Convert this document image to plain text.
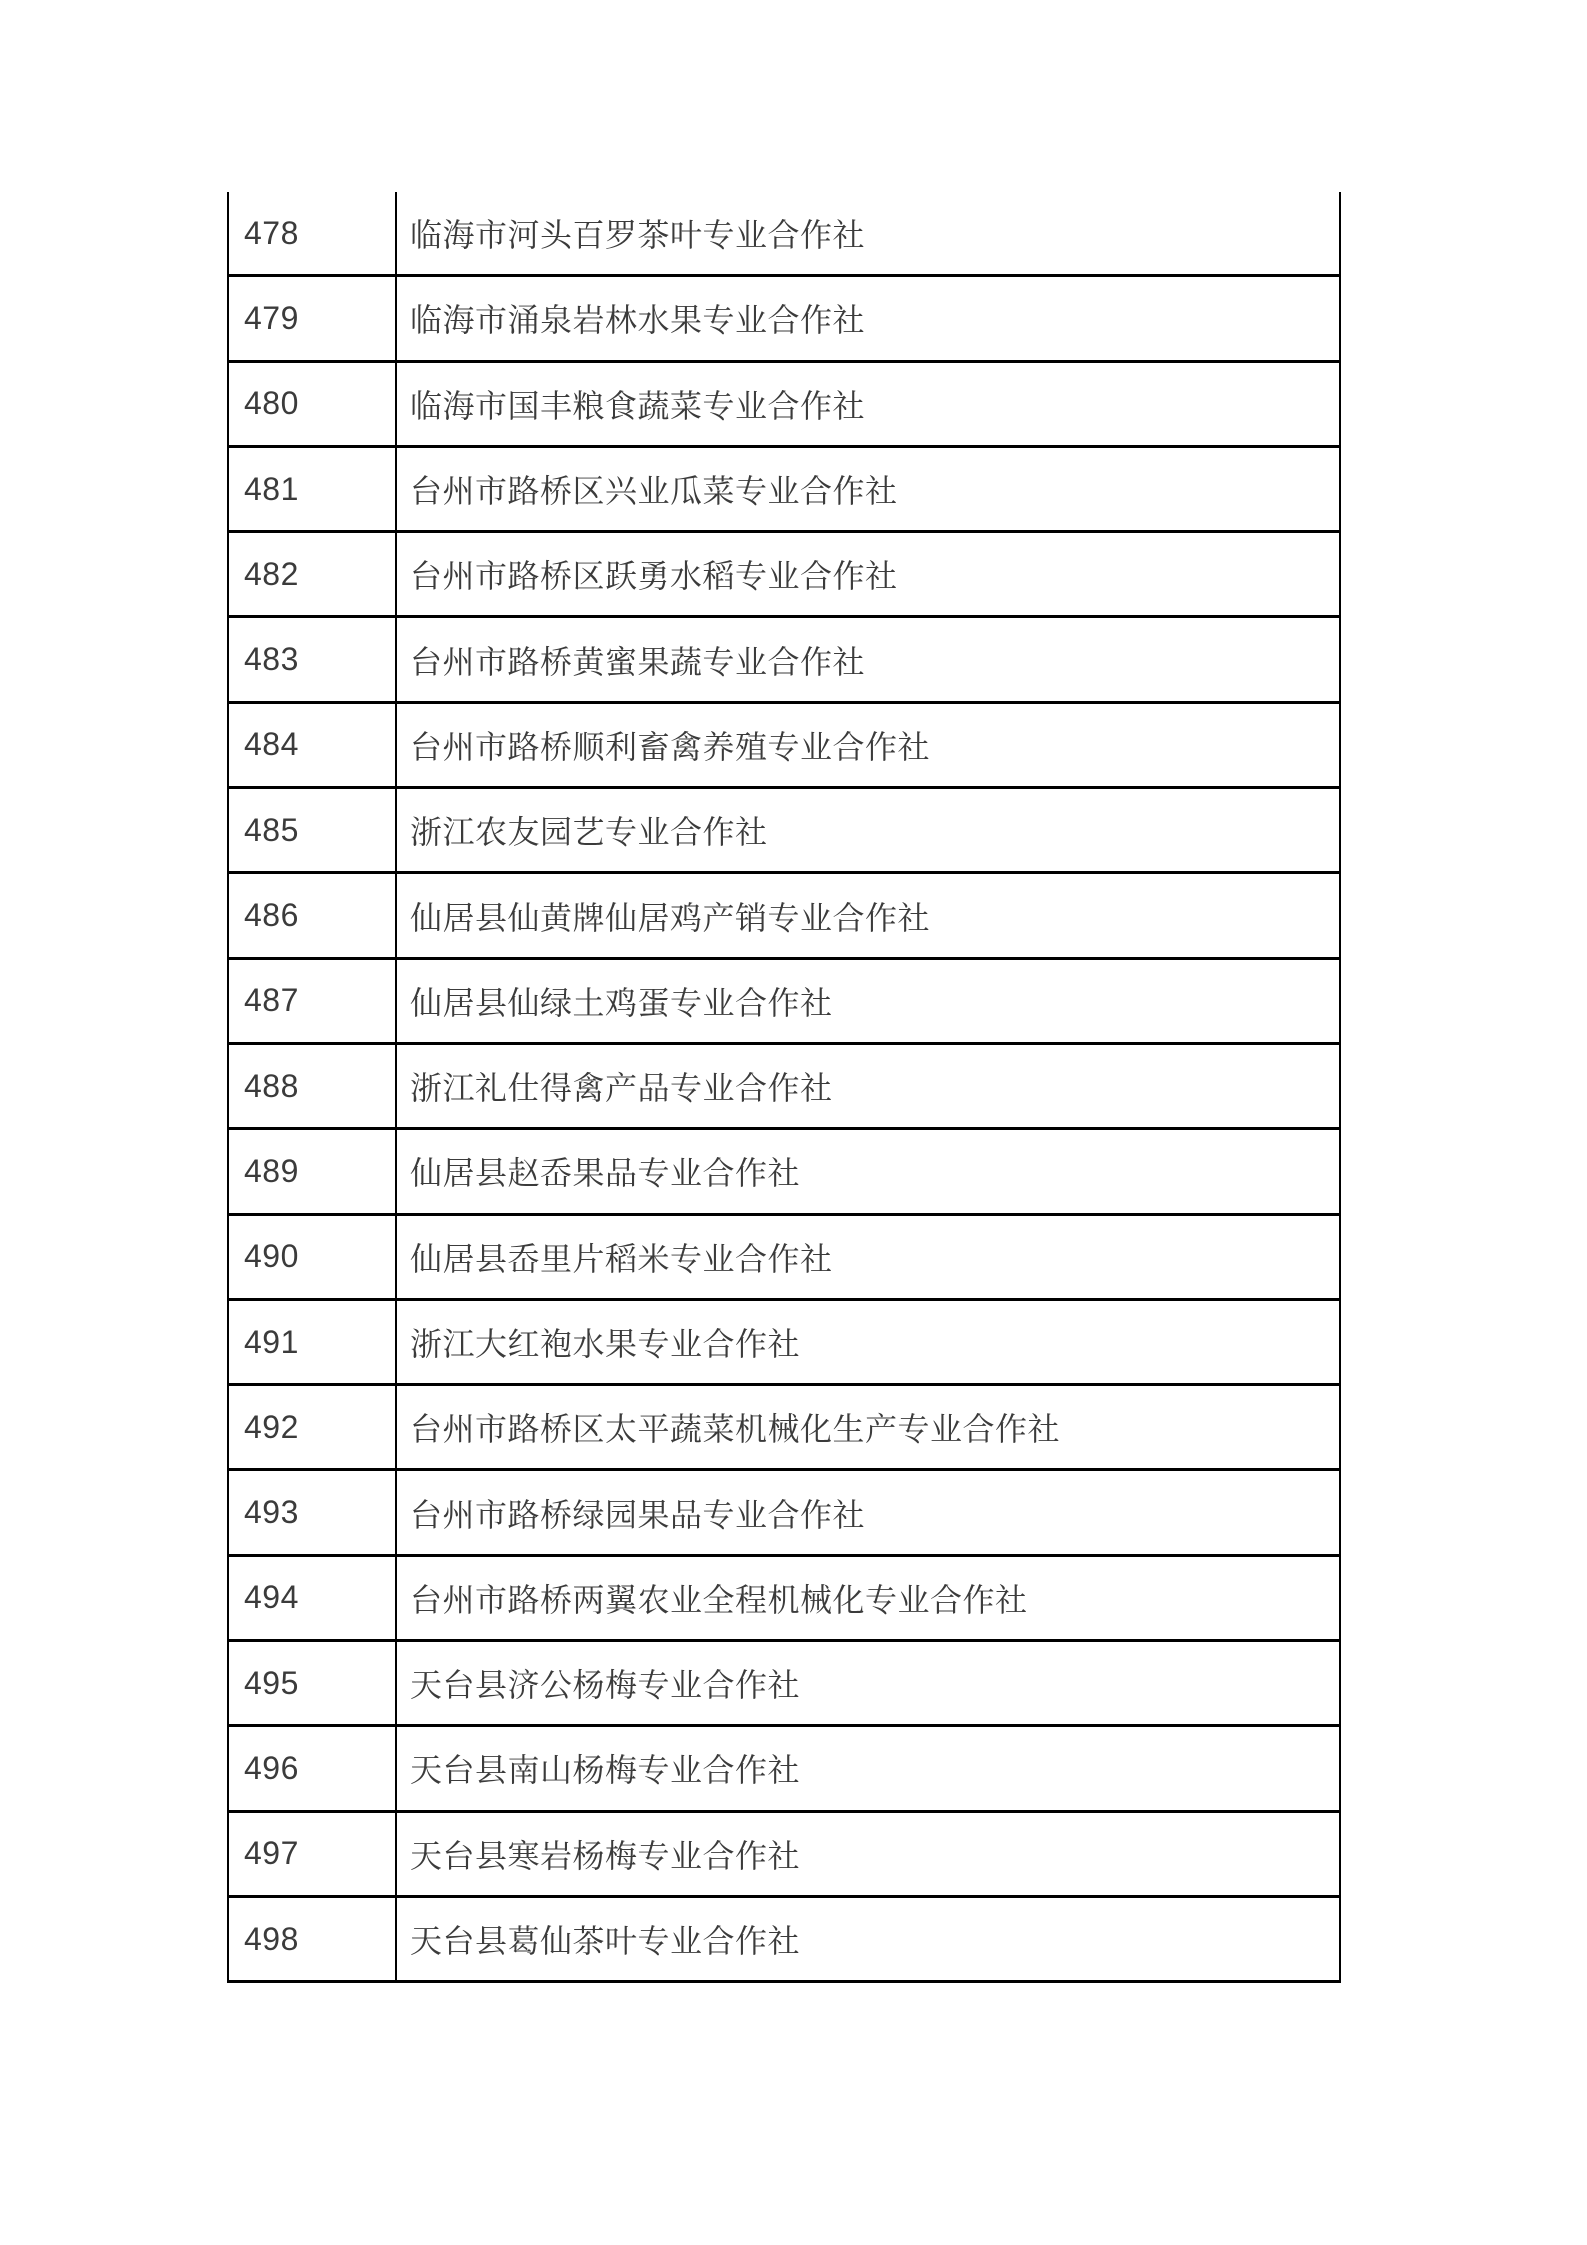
478	临海市河头百罗茶叶专业合作社
479	临海市涌泉岩林水果专业合作社
480	临海市国丰粮食蔬菜专业合作社
481	台州市路桥区兴业瓜菜专业合作社
482	台州市路桥区跃勇水稻专业合作社
483	台州市路桥黄蜜果蔬专业合作社
484	台州市路桥顺利畜禽养殖专业合作社
485	浙江农友园艺专业合作社
486	仙居县仙黄牌仙居鸡产销专业合作社
487	仙居县仙绿土鸡蛋专业合作社
488	浙江礼仕得禽产品专业合作社
489	仙居县赵岙果品专业合作社
490	仙居县岙里片稻米专业合作社
491	浙江大红袍水果专业合作社
492	台州市路桥区太平蔬菜机械化生产专业合作社
493	台州市路桥绿园果品专业合作社
494	台州市路桥两翼农业全程机械化专业合作社
495	天台县济公杨梅专业合作社
496	天台县南山杨梅专业合作社
497	天台县寒岩杨梅专业合作社
498	天台县葛仙茶叶专业合作社
